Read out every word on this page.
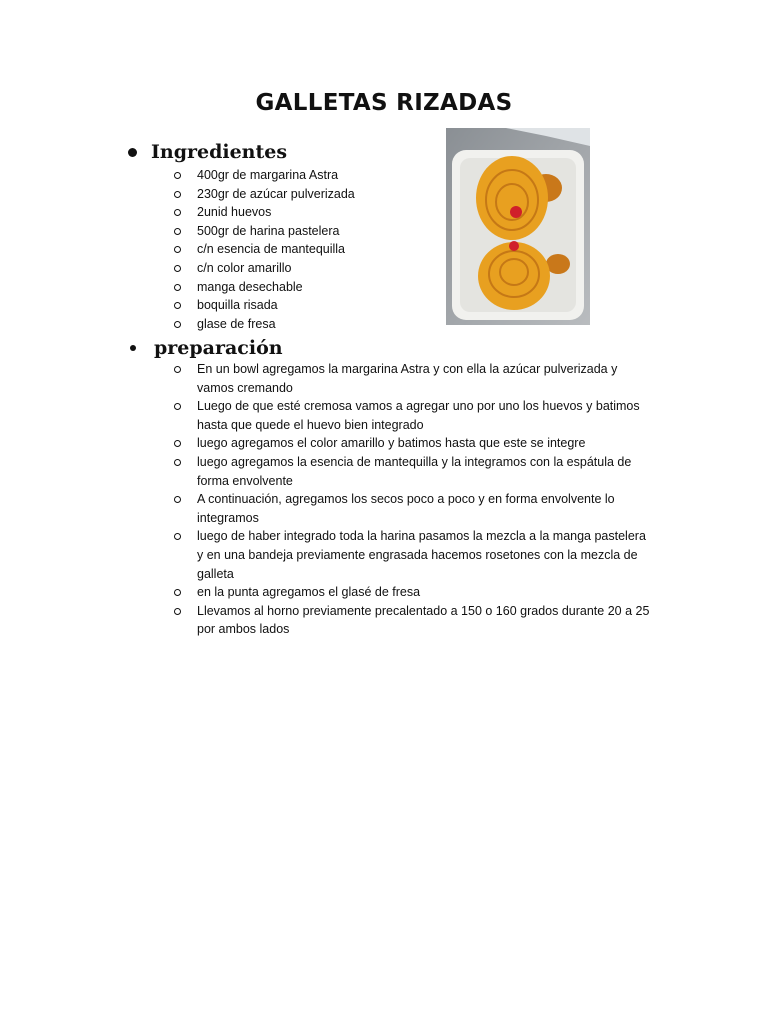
GALLETAS RIZADAS
Ingredientes
400gr de margarina Astra
230gr de azúcar pulverizada
2unid huevos
500gr de harina pastelera
c/n esencia de mantequilla
c/n color amarillo
manga desechable
boquilla risada
glase de fresa
preparación
En un bowl agregamos la margarina Astra y con ella la azúcar pulverizada y vamos cremando
Luego de que esté cremosa vamos a agregar uno por uno los huevos y batimos hasta que quede el huevo bien integrado
luego agregamos el color amarillo y batimos hasta que este se integre
luego agregamos la esencia de mantequilla y la integramos con la espátula de forma envolvente
A continuación, agregamos los secos poco a poco y en forma envolvente lo integramos
luego de haber integrado toda la harina pasamos la mezcla a la manga pastelera y en una bandeja previamente engrasada hacemos rosetones con la mezcla de galleta
en la punta agregamos el glasé de fresa
Llevamos al horno previamente precalentado a 150 o 160 grados durante 20 a 25 por ambos lados
